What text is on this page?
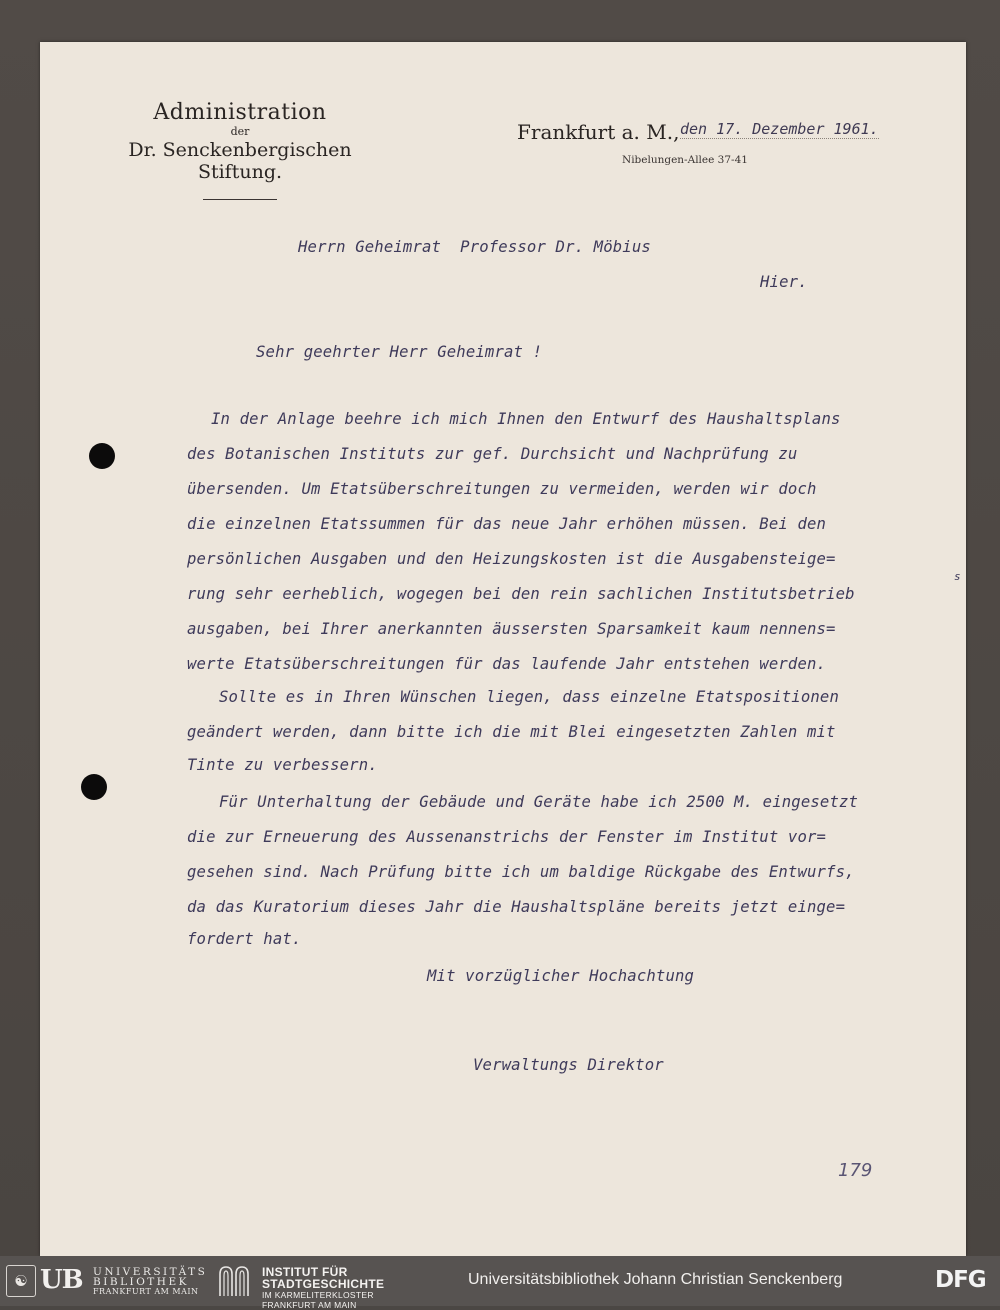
Administration
der
Dr. Senckenbergischen Stiftung.
Frankfurt a. M., den 17. Dezember 1961.
Nibelungen-Allee 37-41
Herrn Geheimrat  Professor Dr. Möbius
Hier.
Sehr geehrter Herr Geheimrat !
In der Anlage beehre ich mich Ihnen den Entwurf des Haushaltsplans
des Botanischen Instituts zur gef. Durchsicht und Nachprüfung zu
übersenden. Um Etatsüberschreitungen zu vermeiden, werden wir doch
die einzelnen Etatssummen für das neue Jahr erhöhen müssen. Bei den
persönlichen Ausgaben und den Heizungskosten ist die Ausgabensteige=
rung sehr eerheblich, wogegen bei den rein sachlichen Institutsbetrieb
ausgaben, bei Ihrer anerkannten äussersten Sparsamkeit kaum nennens=
werte Etatsüberschreitungen für das laufende Jahr entstehen werden.
Sollte es in Ihren Wünschen liegen, dass einzelne Etatspositionen
geändert werden, dann bitte ich die mit Blei eingesetzten Zahlen mit
Tinte zu verbessern.
Für Unterhaltung der Gebäude und Geräte habe ich 2500 M. eingesetzt
die zur Erneuerung des Aussenanstrichs der Fenster im Institut vor=
gesehen sind. Nach Prüfung bitte ich um baldige Rückgabe des Entwurfs,
da das Kuratorium dieses Jahr die Haushaltspläne bereits jetzt einge=
fordert hat.
s
Mit vorzüglicher Hochachtung
Verwaltungs Direktor
179
☯ UB UNIVERSITÄTS
BIBLIOTHEK
FRANKFURT AM MAIN
INSTITUT FÜR
STADTGESCHICHTE
IM KARMELITERKLOSTER
FRANKFURT AM MAIN
Universitätsbibliothek Johann Christian Senckenberg	DFG
